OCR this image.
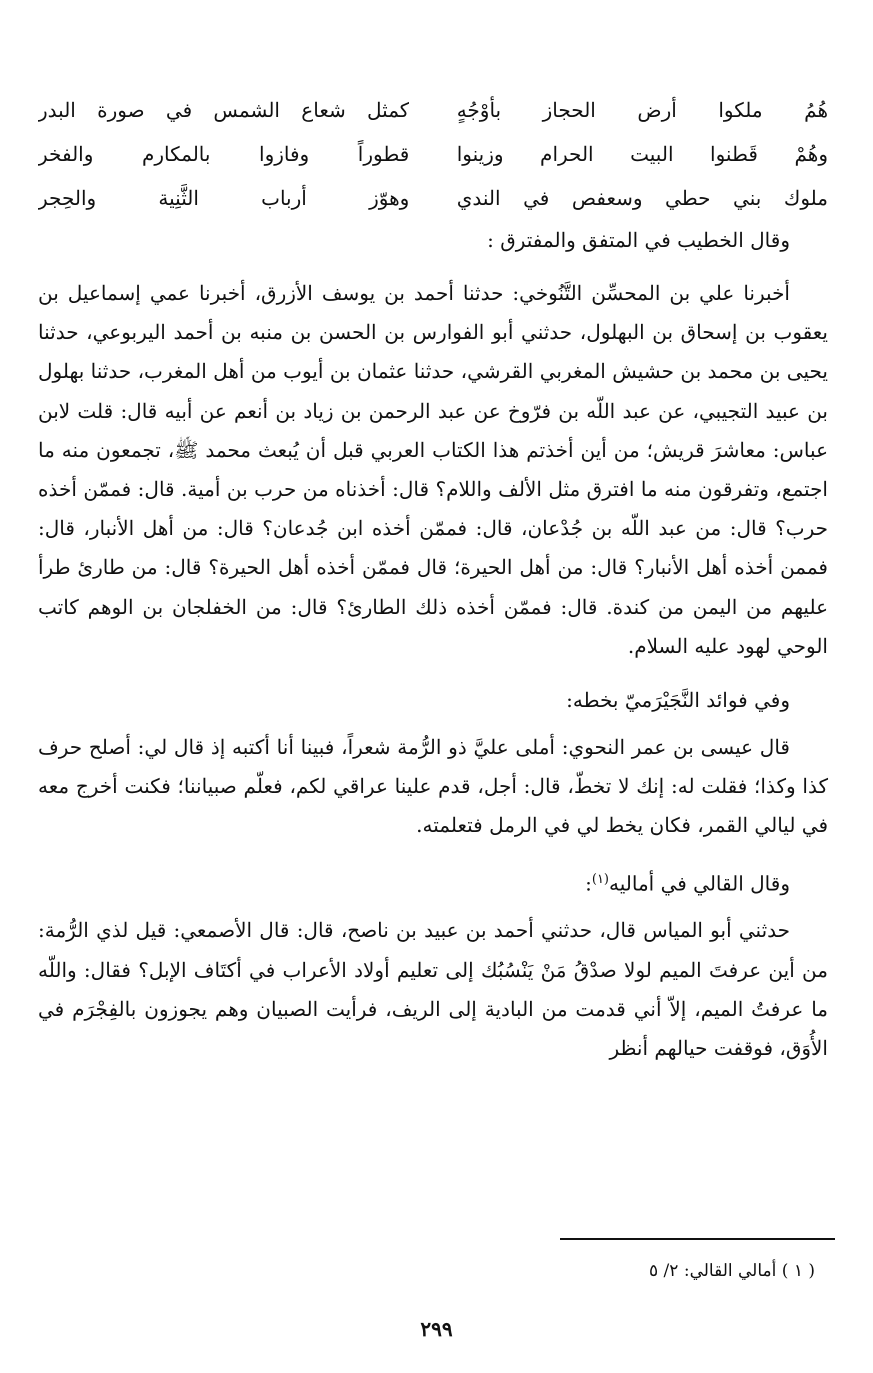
هُمُ ملكوا أرض الحجاز بأوْجُهٍ
كمثل شعاع الشمس في صورة البدر
وهُمْ قَطنوا البيت الحرام وزينوا
قطوراً وفازوا بالمكارم والفخر
ملوك بني حطي وسعفص في الندي
وهوّز أرباب الثَّنِية والحِجر

وقال الخطيب في المتفق والمفترق :

أخبرنا علي بن المحسِّن التَّنُوخي: حدثنا أحمد بن يوسف الأزرق، أخبرنا عمي إسماعيل بن يعقوب بن إسحاق بن البهلول، حدثني أبو الفوارس بن الحسن بن منبه بن أحمد اليربوعي، حدثنا يحيى بن محمد بن حشيش المغربي القرشي، حدثنا عثمان بن أيوب من أهل المغرب، حدثنا بهلول بن عبيد التجيبي، عن عبد اللّه بن فرّوخ عن عبد الرحمن بن زياد بن أنعم عن أبيه قال: قلت لابن عباس: معاشرَ قريش؛ من أين أخذتم هذا الكتاب العربي قبل أن يُبعث محمد ﷺ، تجمعون منه ما اجتمع، وتفرقون منه ما افترق مثل الألف واللام؟ قال: أخذناه من حرب بن أمية. قال: فممّن أخذه حرب؟ قال: من عبد اللّه بن جُدْعان، قال: فممّن أخذه ابن جُدعان؟ قال: من أهل الأنبار، قال: فممن أخذه أهل الأنبار؟ قال: من أهل الحيرة؛ قال فممّن أخذه أهل الحيرة؟ قال: من طارئ طرأ عليهم من اليمن من كندة. قال: فممّن أخذه ذلك الطارئ؟ قال: من الخفلجان بن الوهم كاتب الوحي لهود عليه السلام.

وفي فوائد النَّجَيْرَميّ بخطه:

قال عيسى بن عمر النحوي: أملى عليَّ ذو الرُّمة شعراً، فبينا أنا أكتبه إذ قال لي: أصلح حرف كذا وكذا؛ فقلت له: إنك لا تخطّ، قال: أجل، قدم علينا عراقي لكم، فعلّم صبياننا؛ فكنت أخرج معه في ليالي القمر، فكان يخط لي في الرمل فتعلمته.

وقال القالي في أماليه$^{(١)}$:

حدثني أبو المياس قال، حدثني أحمد بن عبيد بن ناصح، قال: قال الأصمعي: قيل لذي الرُّمة: من أين عرفتَ الميم لولا صدْقُ مَنْ يَنْسُبُك إلى تعليم أولاد الأعراب في أكتَاف الإبل؟ فقال: واللّه ما عرفتُ الميم، إلاّ أني قدمت من البادية إلى الريف، فرأيت الصبيان وهم يجوزون بالفِجْرَم في الأُوَق، فوقفت حيالهم أنظر

( ١ ) أمالي القالي: ٢/ ٥
٢٩٩
